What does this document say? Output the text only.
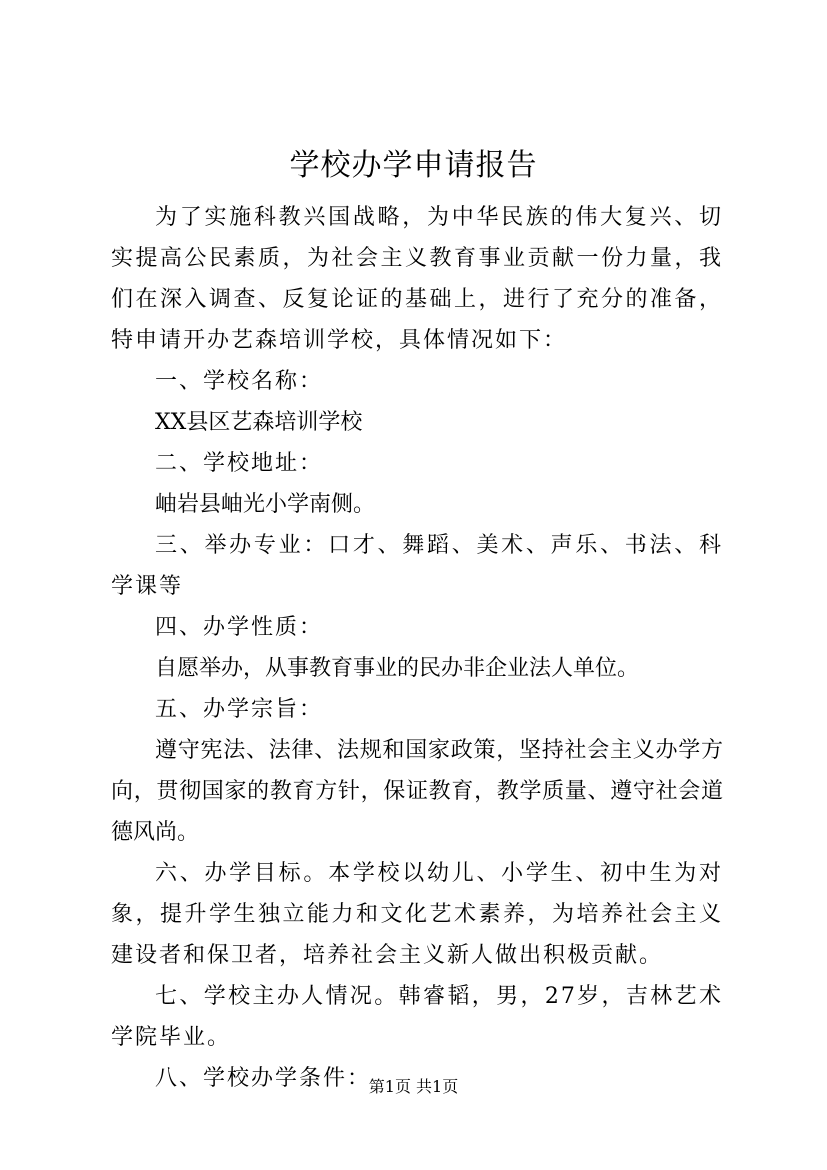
学校办学申请报告

为了实施科教兴国战略，为中华民族的伟大复兴、切实提高公民素质，为社会主义教育事业贡献一份力量，我们在深入调查、反复论证的基础上，进行了充分的准备，特申请开办艺森培训学校，具体情况如下：

一、学校名称：

XX县区艺森培训学校

二、学校地址：

岫岩县岫光小学南侧。

三、举办专业：口才、舞蹈、美术、声乐、书法、科学课等

四、办学性质：

自愿举办，从事教育事业的民办非企业法人单位。

五、办学宗旨：

遵守宪法、法律、法规和国家政策，坚持社会主义办学方向，贯彻国家的教育方针，保证教育，教学质量、遵守社会道德风尚。

六、办学目标。本学校以幼儿、小学生、初中生为对象，提升学生独立能力和文化艺术素养，为培养社会主义建设者和保卫者，培养社会主义新人做出积极贡献。

七、学校主办人情况。韩睿韬，男，27岁，吉林艺术学院毕业。

八、学校办学条件：

第1页 共1页
